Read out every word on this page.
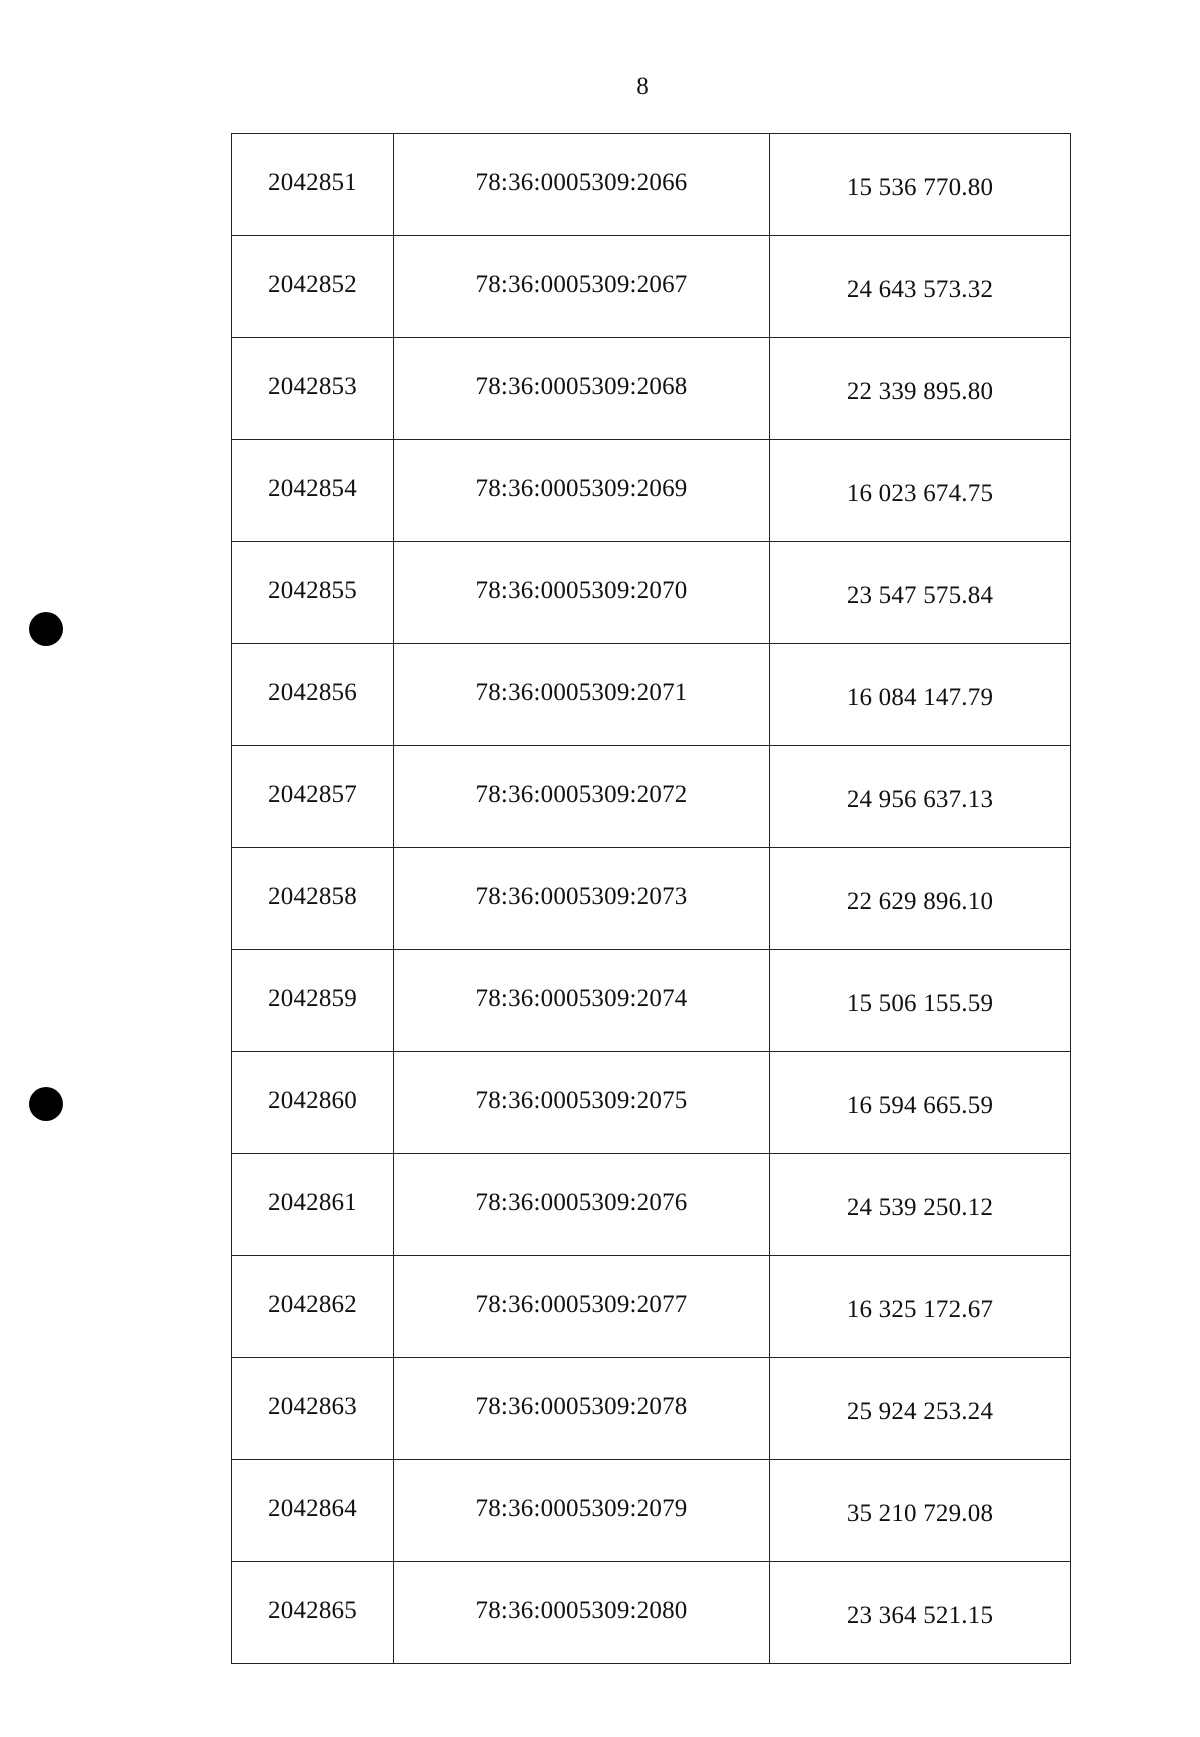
8
2042851	78:36:0005309:2066	15 536 770.80
2042852	78:36:0005309:2067	24 643 573.32
2042853	78:36:0005309:2068	22 339 895.80
2042854	78:36:0005309:2069	16 023 674.75
2042855	78:36:0005309:2070	23 547 575.84
2042856	78:36:0005309:2071	16 084 147.79
2042857	78:36:0005309:2072	24 956 637.13
2042858	78:36:0005309:2073	22 629 896.10
2042859	78:36:0005309:2074	15 506 155.59
2042860	78:36:0005309:2075	16 594 665.59
2042861	78:36:0005309:2076	24 539 250.12
2042862	78:36:0005309:2077	16 325 172.67
2042863	78:36:0005309:2078	25 924 253.24
2042864	78:36:0005309:2079	35 210 729.08
2042865	78:36:0005309:2080	23 364 521.15
